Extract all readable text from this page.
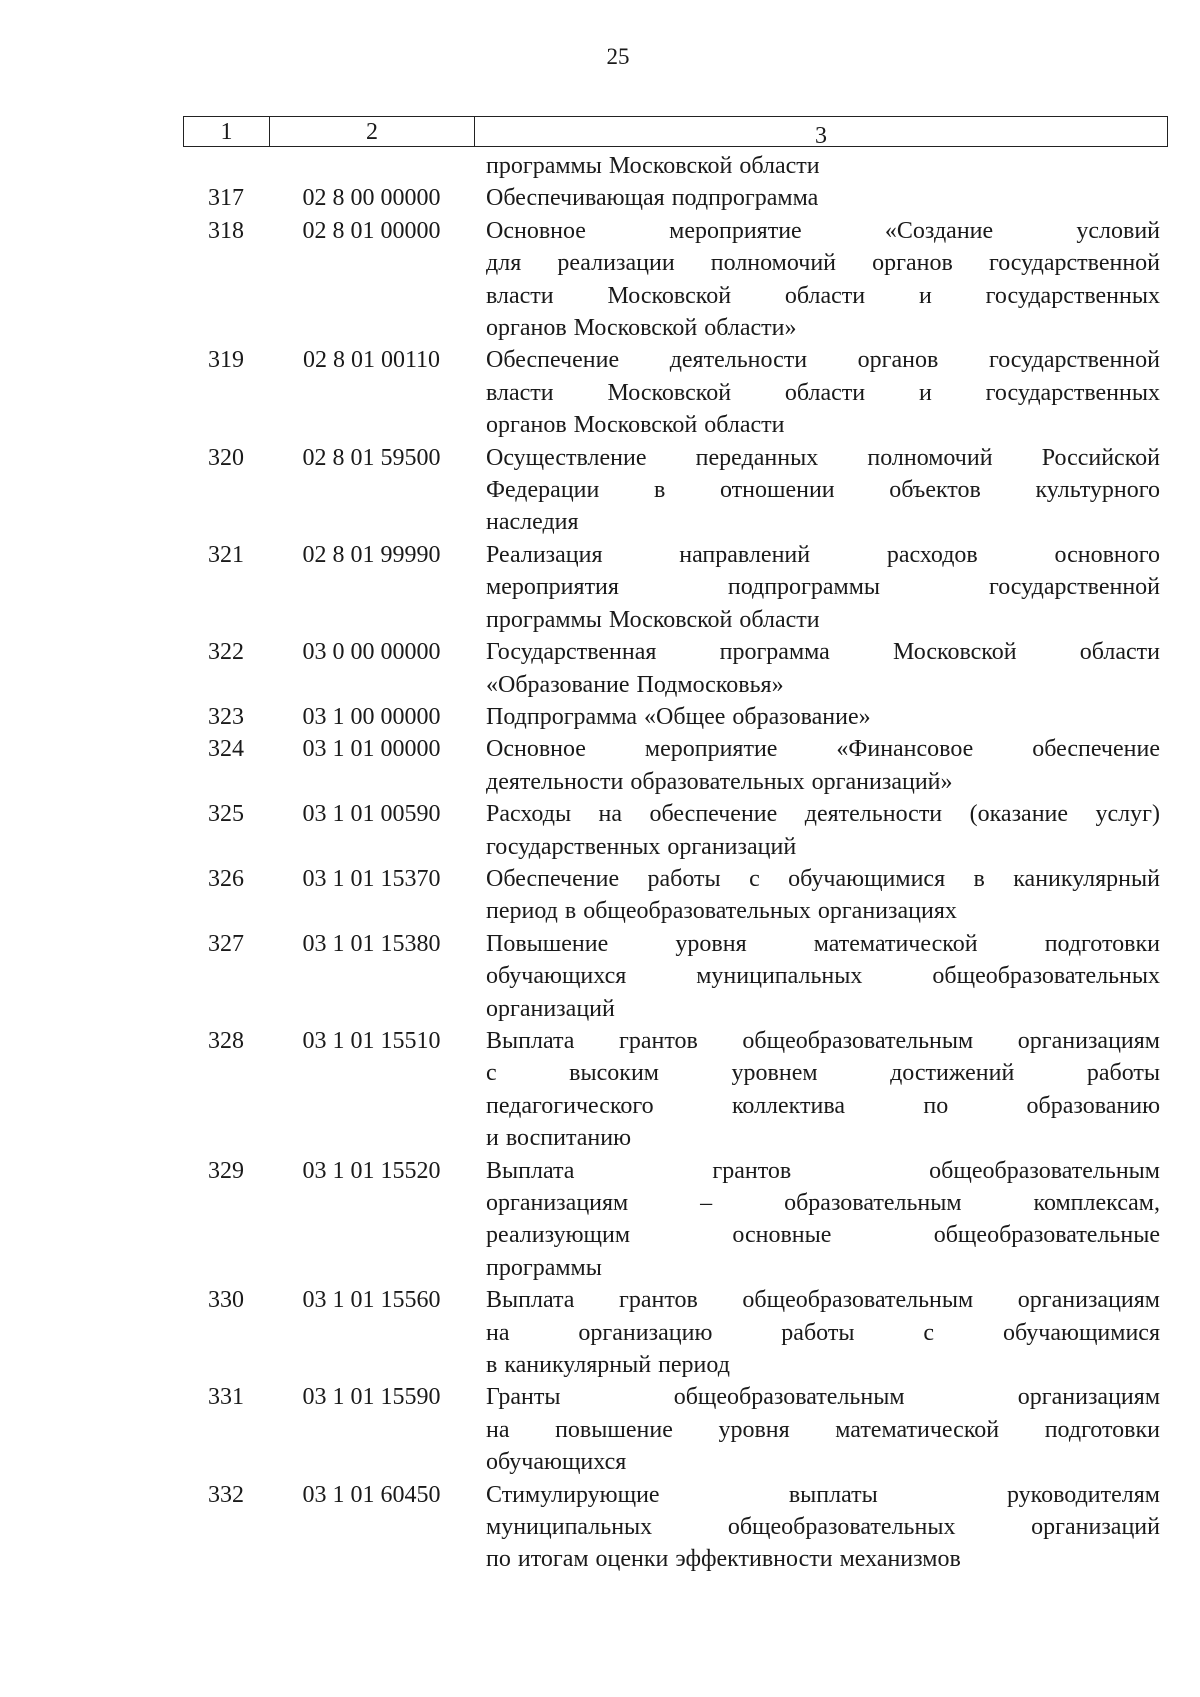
25
1	2	3
программы Московской области
317	02 8 00 00000	Обеспечивающая подпрограмма
318	02 8 01 00000	Основное мероприятие «Создание условий
для реализации полномочий органов государственной
власти Московской области и государственных
органов Московской области»
319	02 8 01 00110	Обеспечение деятельности органов государственной
власти Московской области и государственных
органов Московской области
320	02 8 01 59500	Осуществление переданных полномочий Российской
Федерации в отношении объектов культурного
наследия
321	02 8 01 99990	Реализация направлений расходов основного
мероприятия подпрограммы государственной
программы Московской области
322	03 0 00 00000	Государственная программа Московской области
«Образование Подмосковья»
323	03 1 00 00000	Подпрограмма «Общее образование»
324	03 1 01 00000	Основное мероприятие «Финансовое обеспечение
деятельности образовательных организаций»
325	03 1 01 00590	Расходы на обеспечение деятельности (оказание услуг)
государственных организаций
326	03 1 01 15370	Обеспечение работы с обучающимися в каникулярный
период в общеобразовательных организациях
327	03 1 01 15380	Повышение уровня математической подготовки
обучающихся муниципальных общеобразовательных
организаций
328	03 1 01 15510	Выплата грантов общеобразовательным организациям
с высоким уровнем достижений работы
педагогического коллектива по образованию
и воспитанию
329	03 1 01 15520	Выплата грантов общеобразовательным
организациям – образовательным комплексам,
реализующим основные общеобразовательные
программы
330	03 1 01 15560	Выплата грантов общеобразовательным организациям
на организацию работы с обучающимися
в каникулярный период
331	03 1 01 15590	Гранты общеобразовательным организациям
на повышение уровня математической подготовки
обучающихся
332	03 1 01 60450	Стимулирующие выплаты руководителям
муниципальных общеобразовательных организаций
по итогам оценки эффективности механизмов
